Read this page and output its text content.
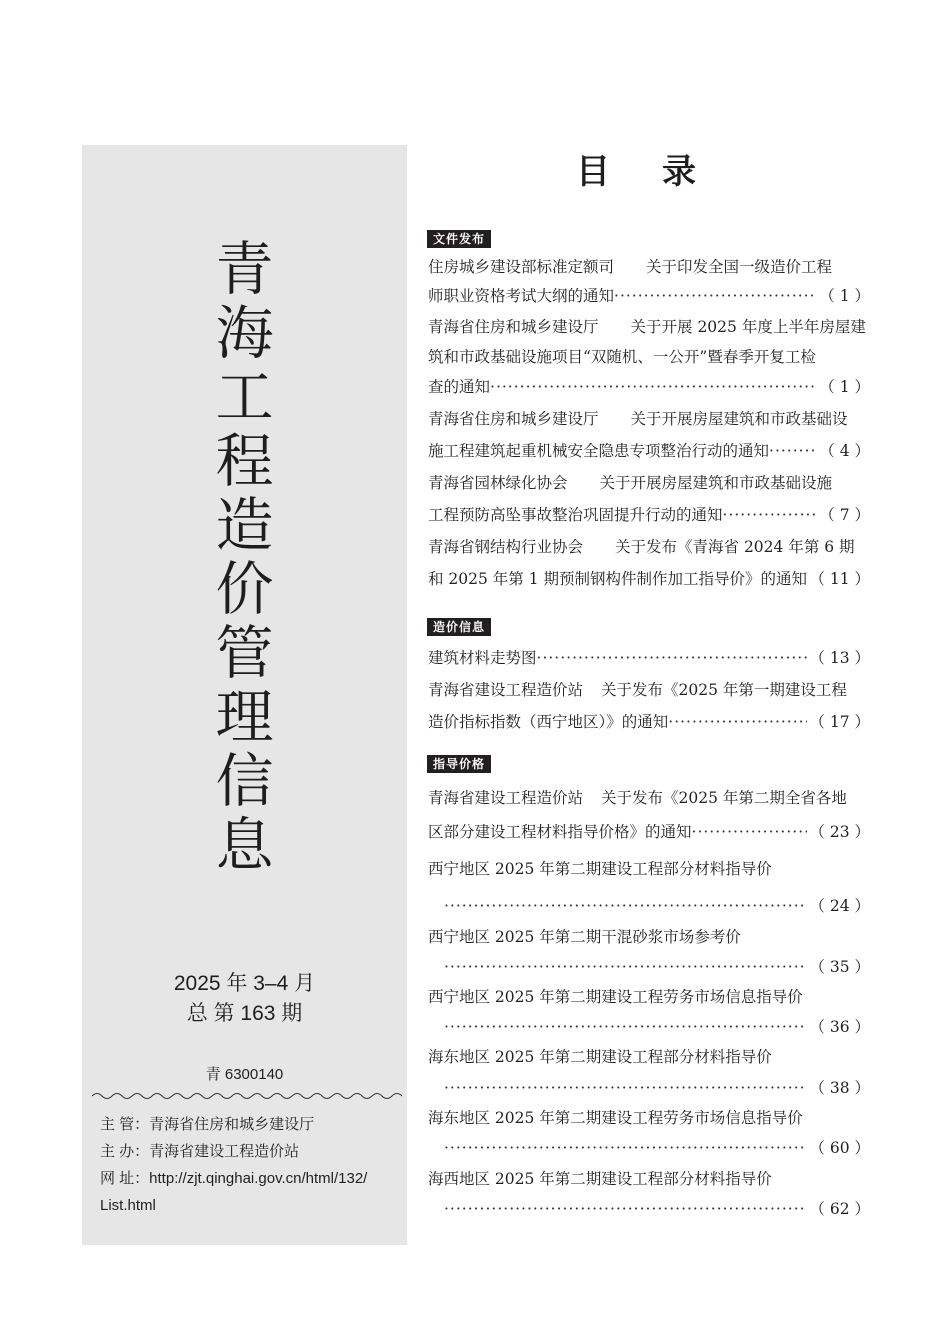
青
海
工
程
造
价
管
理
信
息
2025 年 3–4 月
总 第 163 期
青 6300140
主 管：青海省住房和城乡建设厅
主 办：青海省建设工程造价站
网 址：http://zjt.qinghai.gov.cn/html/132/
List.html
目录
文件发布
住房城乡建设部标准定额司 关于印发全国一级造价工程
师职业资格考试大纲的通知 ·····	（ 1 ）
青海省住房和城乡建设厅 关于开展 2025 年度上半年房屋建
筑和市政基础设施项目“双随机、一公开”暨春季开复工检
查的通知 ·····	（ 1 ）
青海省住房和城乡建设厅 关于开展房屋建筑和市政基础设
施工程建筑起重机械安全隐患专项整治行动的通知 ·····	（ 4 ）
青海省园林绿化协会 关于开展房屋建筑和市政基础设施
工程预防高坠事故整治巩固提升行动的通知 ·····	（ 7 ）
青海省钢结构行业协会 关于发布《青海省 2024 年第 6 期
和 2025 年第 1 期预制钢构件制作加工指导价》的通知 ····· （ 11 ）
造价信息
建筑材料走势图 ·····	（ 13 ）
青海省建设工程造价站 关于发布《2025 年第一期建设工程
造价指标指数（西宁地区）》的通知 ·····	（ 17 ）
指导价格
青海省建设工程造价站 关于发布《2025 年第二期全省各地
区部分建设工程材料指导价格》的通知 ·····	（ 23 ）
西宁地区 2025 年第二期建设工程部分材料指导价
·····
（ 24 ）
西宁地区 2025 年第二期干混砂浆市场参考价
·····
（ 35 ）
西宁地区 2025 年第二期建设工程劳务市场信息指导价
·····
（ 36 ）
海东地区 2025 年第二期建设工程部分材料指导价
·····
（ 38 ）
海东地区 2025 年第二期建设工程劳务市场信息指导价
·····
（ 60 ）
海西地区 2025 年第二期建设工程部分材料指导价
·····
（ 62 ）
